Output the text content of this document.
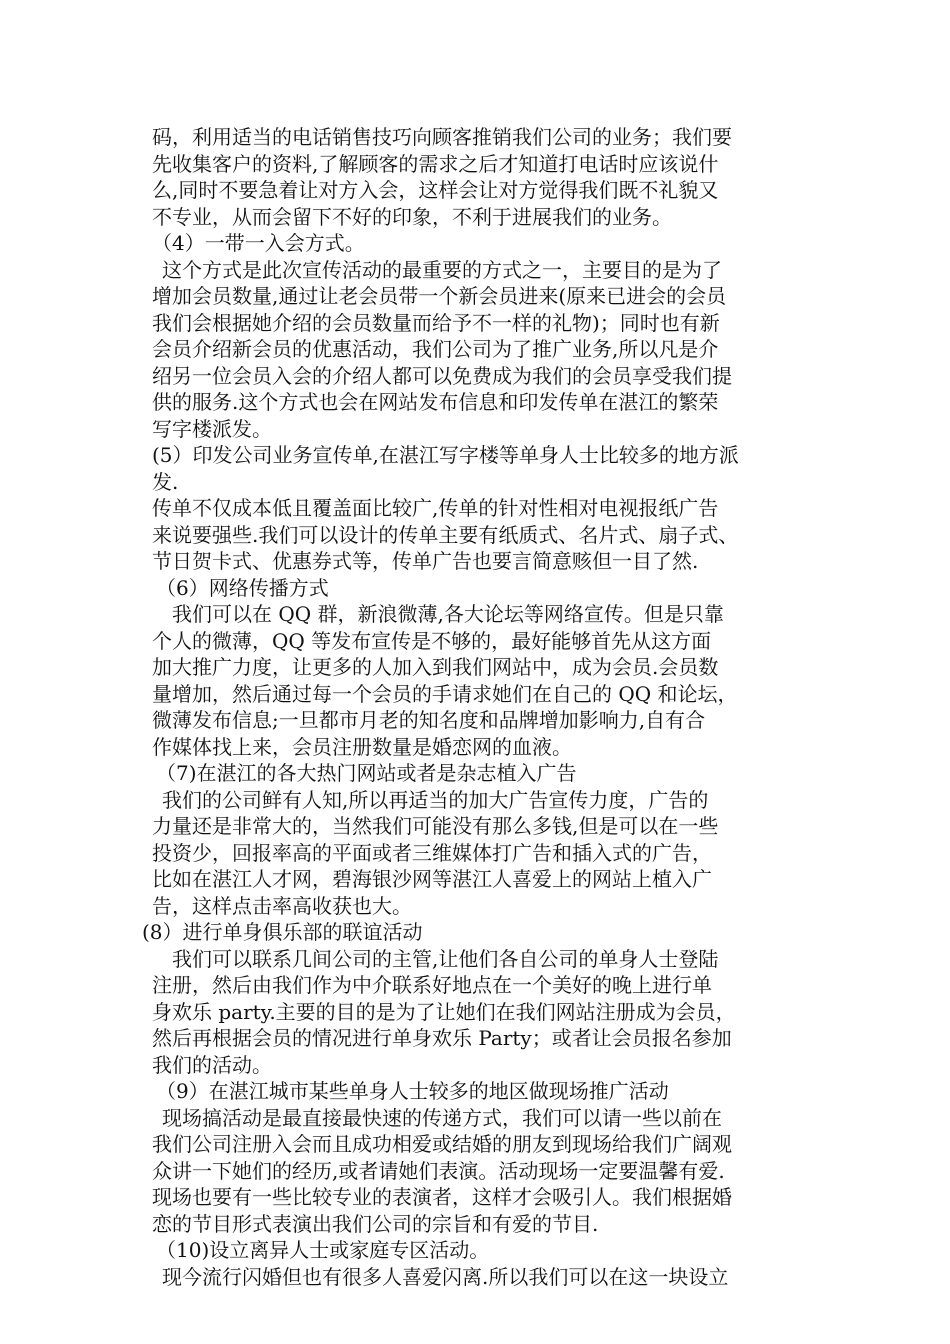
码，利用适当的电话销售技巧向顾客推销我们公司的业务；我们要
先收集客户的资料,了解顾客的需求之后才知道打电话时应该说什
么,同时不要急着让对方入会，这样会让对方觉得我们既不礼貌又
不专业，从而会留下不好的印象，不利于进展我们的业务。
（4）一带一入会方式。
这个方式是此次宣传活动的最重要的方式之一，主要目的是为了
增加会员数量,通过让老会员带一个新会员进来(原来已进会的会员
我们会根据她介绍的会员数量而给予不一样的礼物)；同时也有新
会员介绍新会员的优惠活动，我们公司为了推广业务,所以凡是介
绍另一位会员入会的介绍人都可以免费成为我们的会员享受我们提
供的服务.这个方式也会在网站发布信息和印发传单在湛江的繁荣
写字楼派发。
(5）印发公司业务宣传单,在湛江写字楼等单身人士比较多的地方派
发.
传单不仅成本低且覆盖面比较广,传单的针对性相对电视报纸广告
来说要强些.我们可以设计的传单主要有纸质式、名片式、扇子式、
节日贺卡式、优惠券式等，传单广告也要言简意赅但一目了然.
（6）网络传播方式
我们可以在 QQ 群，新浪微薄,各大论坛等网络宣传。但是只靠
个人的微薄，QQ 等发布宣传是不够的，最好能够首先从这方面
加大推广力度，让更多的人加入到我们网站中，成为会员.会员数
量增加，然后通过每一个会员的手请求她们在自己的 QQ 和论坛，
微薄发布信息;一旦都市月老的知名度和品牌增加影响力,自有合
作媒体找上来，会员注册数量是婚恋网的血液。
（7)在湛江的各大热门网站或者是杂志植入广告
我们的公司鲜有人知,所以再适当的加大广告宣传力度，广告的
力量还是非常大的，当然我们可能没有那么多钱,但是可以在一些
投资少，回报率高的平面或者三维媒体打广告和插入式的广告，
比如在湛江人才网，碧海银沙网等湛江人喜爱上的网站上植入广
告，这样点击率高收获也大。
(8）进行单身俱乐部的联谊活动
我们可以联系几间公司的主管,让他们各自公司的单身人士登陆
注册，然后由我们作为中介联系好地点在一个美好的晚上进行单
身欢乐 party.主要的目的是为了让她们在我们网站注册成为会员，
然后再根据会员的情况进行单身欢乐 Party；或者让会员报名参加
我们的活动。
（9）在湛江城市某些单身人士较多的地区做现场推广活动
现场搞活动是最直接最快速的传递方式，我们可以请一些以前在
我们公司注册入会而且成功相爱或结婚的朋友到现场给我们广阔观
众讲一下她们的经历,或者请她们表演。活动现场一定要温馨有爱.
现场也要有一些比较专业的表演者，这样才会吸引人。我们根据婚
恋的节目形式表演出我们公司的宗旨和有爱的节目.
（10)设立离异人士或家庭专区活动。
现今流行闪婚但也有很多人喜爱闪离.所以我们可以在这一块设立
